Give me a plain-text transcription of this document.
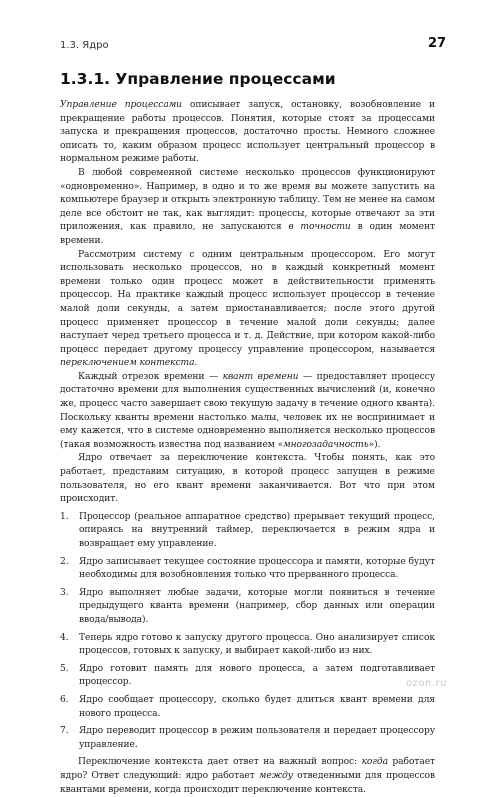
1.3. Ядро	27
1.3.1. Управление процессами

Управление процессами описывает запуск, остановку, возобновление и прекращение работы процессов. Понятия, которые стоят за процессами запуска и прекращения процессов, достаточно просты. Немного сложнее описать то, каким образом процесс использует центральный процессор в нормальном режиме работы.

В любой современной системе несколько процессов функционируют «одновременно». Например, в одно и то же время вы можете запустить на компьютере браузер и открыть электронную таблицу. Тем не менее на самом деле все обстоит не так, как выглядит: процессы, которые отвечают за эти приложения, как правило, не запускаются в точности в один момент времени.

Рассмотрим систему с одним центральным процессором. Его могут использовать несколько процессов, но в каждый конкретный момент времени только один процесс может в действительности применять процессор. На практике каждый процесс использует процессор в течение малой доли секунды, а затем приостанавливается; после этого другой процесс применяет процессор в течение малой доли секунды; далее наступает черед третьего процесса и т. д. Действие, при котором какой-либо процесс передает другому процессу управление процессором, называется переключением контекста.

Каждый отрезок времени — квант времени — предоставляет процессу достаточно времени для выполнения существенных вычислений (и, конечно же, процесс часто завершает свою текущую задачу в течение одного кванта). Поскольку кванты времени настолько малы, человек их не воспринимает и ему кажется, что в системе одновременно выполняется несколько процессов (такая возможность известна под названием «многозадачность»).

Ядро отвечает за переключение контекста. Чтобы понять, как это работает, представим ситуацию, в которой процесс запущен в режиме пользователя, но его квант времени заканчивается. Вот что при этом происходит.

1. Процессор (реальное аппаратное средство) прерывает текущий процесс, опираясь на внутренний таймер, переключается в режим ядра и возвращает ему управление.
2. Ядро записывает текущее состояние процессора и памяти, которые будут необходимы для возобновления только что прерванного процесса.
3. Ядро выполняет любые задачи, которые могли появиться в течение предыдущего кванта времени (например, сбор данных или операции ввода/вывода).
4. Теперь ядро готово к запуску другого процесса. Оно анализирует список процессов, готовых к запуску, и выбирает какой-либо из них.
5. Ядро готовит память для нового процесса, а затем подготавливает процессор.
6. Ядро сообщает процессору, сколько будет длиться квант времени для нового процесса.
7. Ядро переводит процессор в режим пользователя и передает процессору управление.

Переключение контекста дает ответ на важный вопрос: когда работает ядро? Ответ следующий: ядро работает между отведенными для процессов квантами времени, когда происходит переключение контекста.

ozon.ru
